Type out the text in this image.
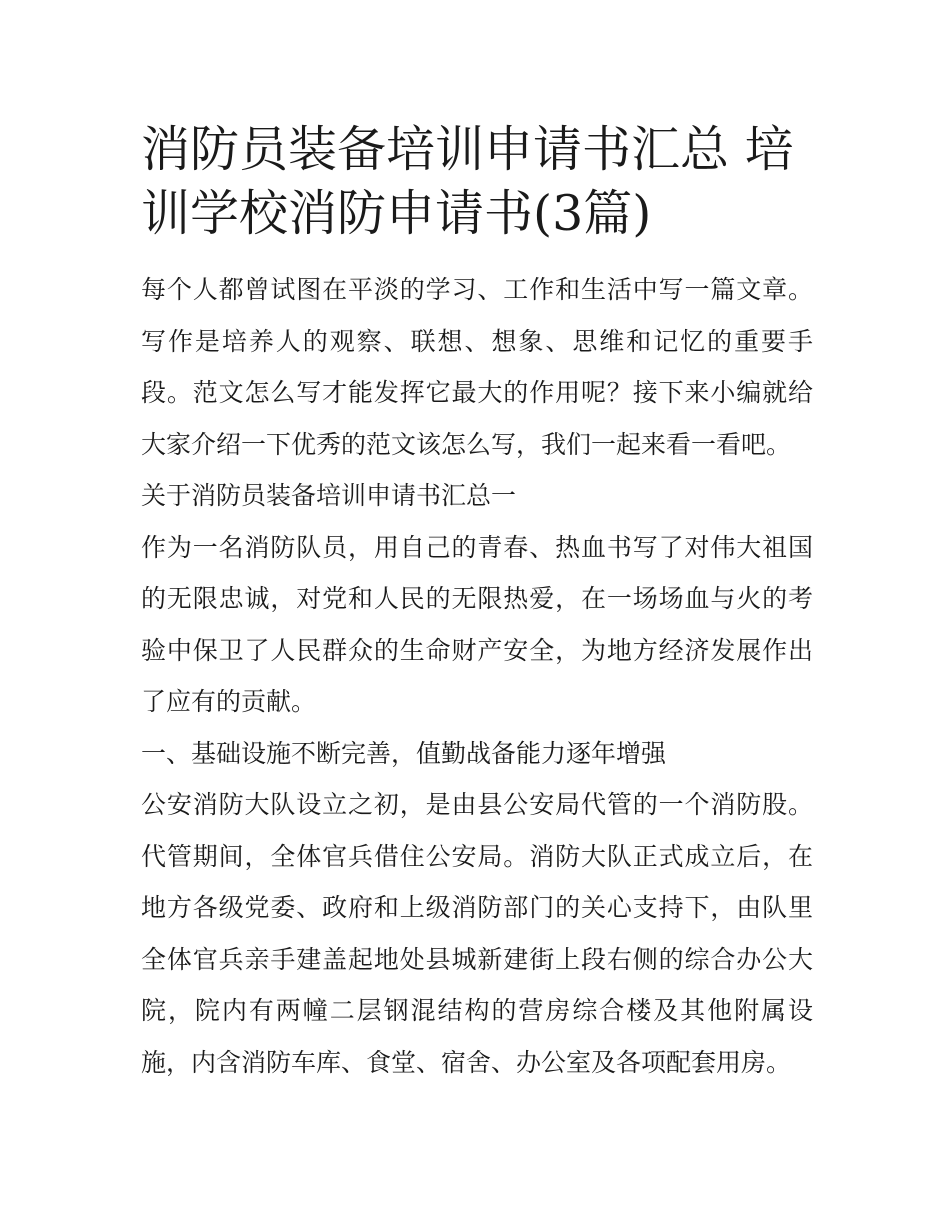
消防员装备培训申请书汇总 培训学校消防申请书(3篇)

每个人都曾试图在平淡的学习、工作和生活中写一篇文章。写作是培养人的观察、联想、想象、思维和记忆的重要手段。范文怎么写才能发挥它最大的作用呢？接下来小编就给大家介绍一下优秀的范文该怎么写，我们一起来看一看吧。

关于消防员装备培训申请书汇总一

作为一名消防队员，用自己的青春、热血书写了对伟大祖国的无限忠诚，对党和人民的无限热爱，在一场场血与火的考验中保卫了人民群众的生命财产安全，为地方经济发展作出了应有的贡献。

一、基础设施不断完善，值勤战备能力逐年增强

公安消防大队设立之初，是由县公安局代管的一个消防股。代管期间，全体官兵借住公安局。消防大队正式成立后，在地方各级党委、政府和上级消防部门的关心支持下，由队里全体官兵亲手建盖起地处县城新建街上段右侧的综合办公大院，院内有两幢二层钢混结构的营房综合楼及其他附属设施，内含消防车库、食堂、宿舍、办公室及各项配套用房。
